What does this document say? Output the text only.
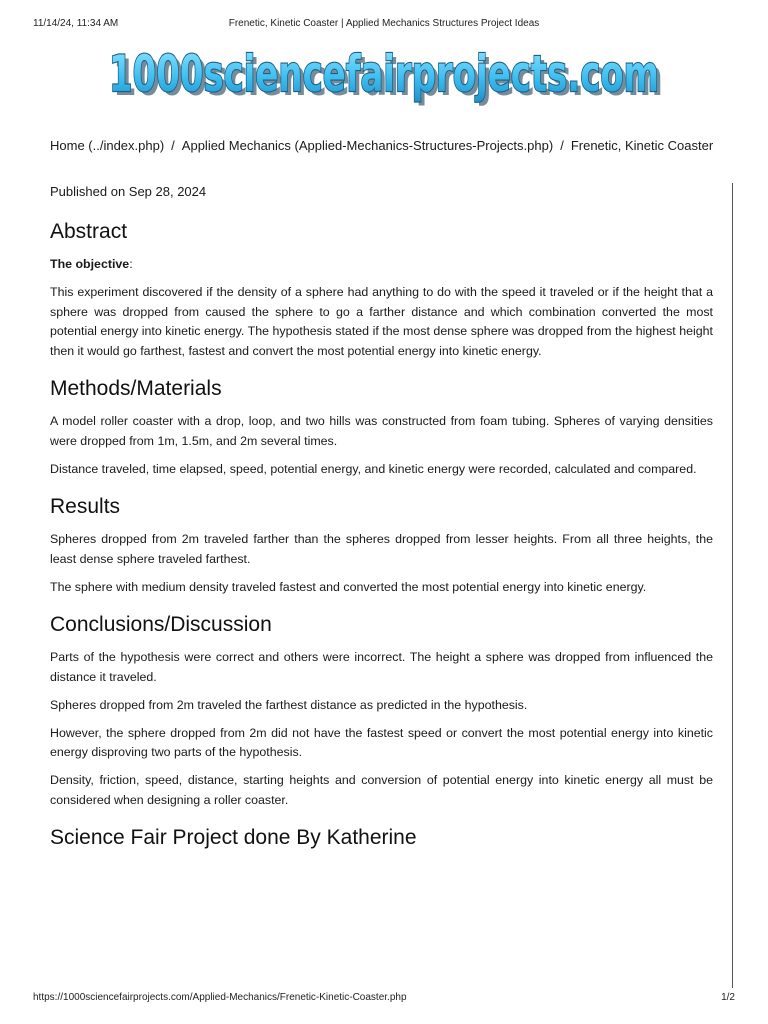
11/14/24, 11:34 AM	Frenetic, Kinetic Coaster | Applied Mechanics Structures Project Ideas
1000sciencefairprojects.com
1000sciencefairprojects.com
Home (../index.php) / Applied Mechanics (Applied-Mechanics-Structures-Projects.php) / Frenetic, Kinetic Coaster
Published on Sep 28, 2024
Abstract

The objective:

This experiment discovered if the density of a sphere had anything to do with the speed it traveled or if the height that a sphere was dropped from caused the sphere to go a farther distance and which combination converted the most potential energy into kinetic energy. The hypothesis stated if the most dense sphere was dropped from the highest height then it would go farthest, fastest and convert the most potential energy into kinetic energy.

Methods/Materials

A model roller coaster with a drop, loop, and two hills was constructed from foam tubing. Spheres of varying densities were dropped from 1m, 1.5m, and 2m several times.

Distance traveled, time elapsed, speed, potential energy, and kinetic energy were recorded, calculated and compared.

Results

Spheres dropped from 2m traveled farther than the spheres dropped from lesser heights. From all three heights, the least dense sphere traveled farthest.

The sphere with medium density traveled fastest and converted the most potential energy into kinetic energy.

Conclusions/Discussion

Parts of the hypothesis were correct and others were incorrect. The height a sphere was dropped from influenced the distance it traveled.

Spheres dropped from 2m traveled the farthest distance as predicted in the hypothesis.

However, the sphere dropped from 2m did not have the fastest speed or convert the most potential energy into kinetic energy disproving two parts of the hypothesis.

Density, friction, speed, distance, starting heights and conversion of potential energy into kinetic energy all must be considered when designing a roller coaster.

Science Fair Project done By Katherine
https://1000sciencefairprojects.com/Applied-Mechanics/Frenetic-Kinetic-Coaster.php	1/2
